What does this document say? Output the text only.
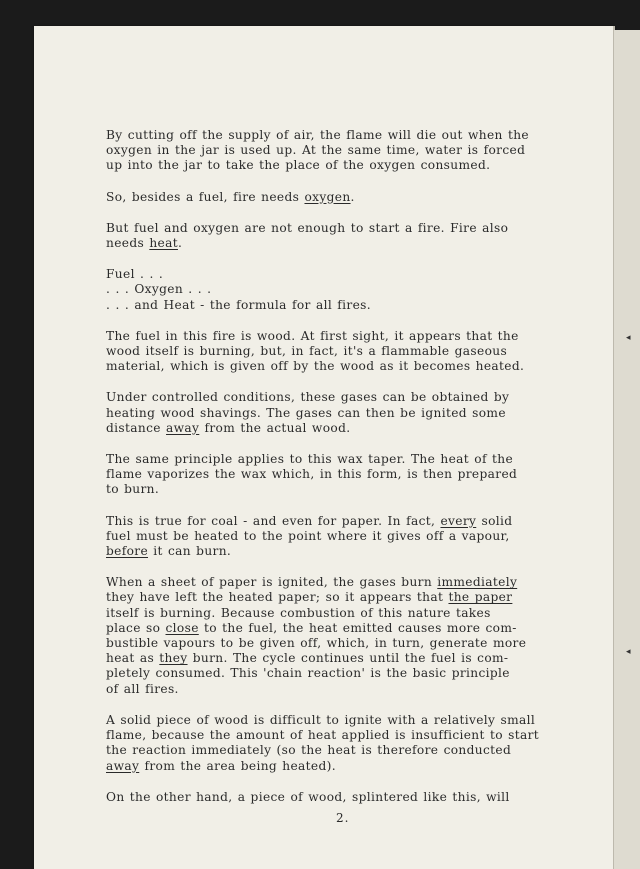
◂
◂

By cutting off the supply of air, the flame will die out when the
oxygen in the jar is used up. At the same time, water is forced
up into the jar to take the place of the oxygen consumed.

So, besides a fuel, fire needs oxygen.

But fuel and oxygen are not enough to start a fire. Fire also
needs heat.

Fuel . . .
. . . Oxygen . . .
. . . and Heat - the formula for all fires.

The fuel in this fire is wood. At first sight, it appears that the
wood itself is burning, but, in fact, it's a flammable gaseous
material, which is given off by the wood as it becomes heated.

Under controlled conditions, these gases can be obtained by
heating wood shavings. The gases can then be ignited some
distance away from the actual wood.

The same principle applies to this wax taper. The heat of the
flame vaporizes the wax which, in this form, is then prepared
to burn.

This is true for coal - and even for paper. In fact, every solid
fuel must be heated to the point where it gives off a vapour,
before it can burn.

When a sheet of paper is ignited, the gases burn immediately
they have left the heated paper; so it appears that the paper
itself is burning. Because combustion of this nature takes
place so close to the fuel, the heat emitted causes more com-
bustible vapours to be given off, which, in turn, generate more
heat as they burn. The cycle continues until the fuel is com-
pletely consumed. This 'chain reaction' is the basic principle
of all fires.

A solid piece of wood is difficult to ignite with a relatively small
flame, because the amount of heat applied is insufficient to start
the reaction immediately (so the heat is therefore conducted
away from the area being heated).

On the other hand, a piece of wood, splintered like this, will

2.
